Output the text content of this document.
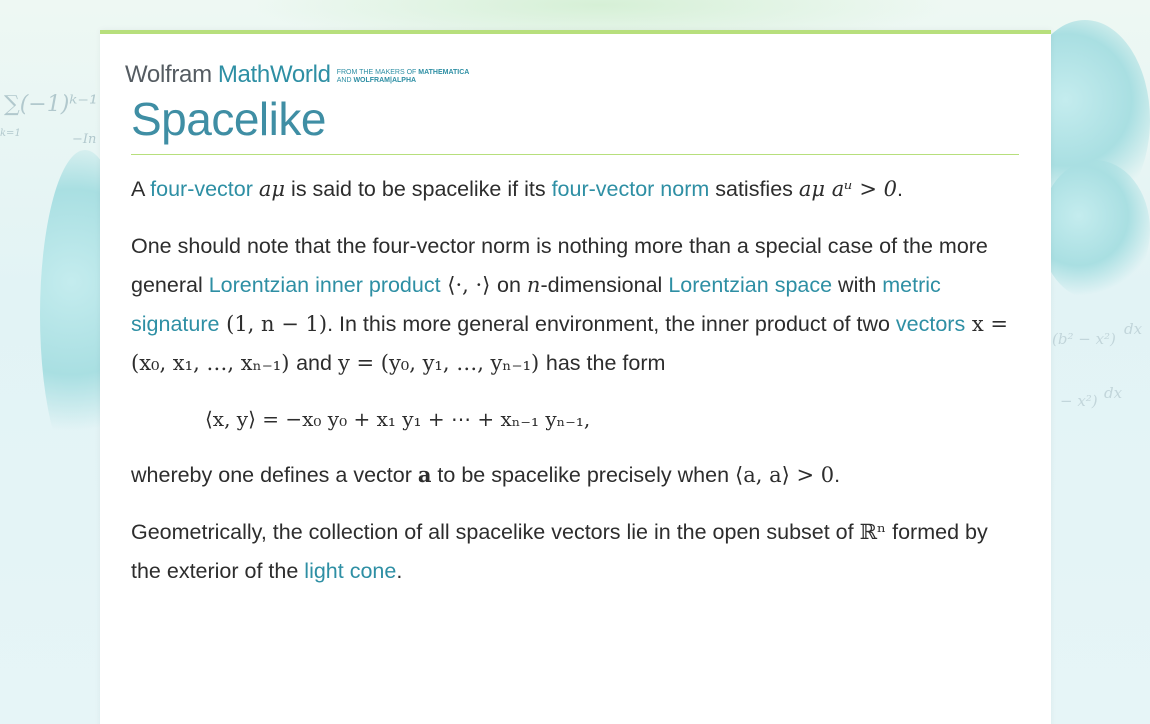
∑(−1)ᵏ⁻¹
k=1	−In
(b² − x²)
dx
− x²) dx
Wolfram MathWorld FROM THE MAKERS OF MATHEMATICA
AND WOLFRAM|ALPHA
Spacelike

A four-vector aμ is said to be spacelike if its four-vector norm satisfies aμ aᵘ > 0.

One should note that the four-vector norm is nothing more than a special case of the more general Lorentzian inner product ⟨·, ·⟩ on n-dimensional Lorentzian space with metric signature (1, n − 1). In this more general environment, the inner product of two vectors x = (x₀, x₁, …, xₙ₋₁) and y = (y₀, y₁, …, yₙ₋₁) has the form

⟨x, y⟩ = −x₀ y₀ + x₁ y₁ + ⋯ + xₙ₋₁ yₙ₋₁,

whereby one defines a vector a to be spacelike precisely when ⟨a, a⟩ > 0.

Geometrically, the collection of all spacelike vectors lie in the open subset of ℝⁿ formed by the exterior of the light cone.
